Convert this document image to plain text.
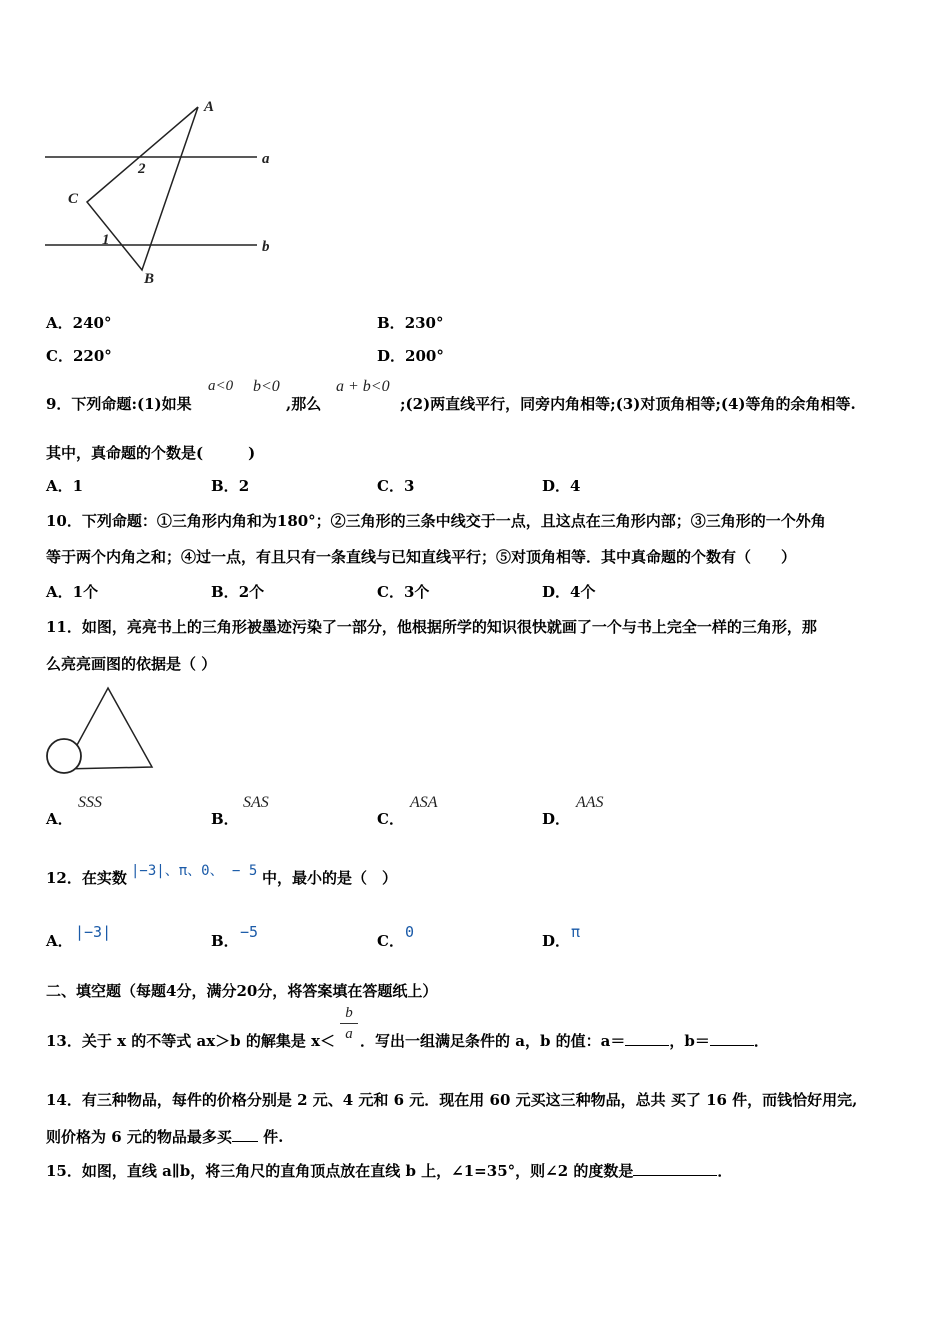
A
B
C
1
2
a
b
A．240°	B．230°
C．220°	D．200°
9．下列命题:(1)如果
a<0 b<0
,那么
a + b<0
;(2)两直线平行，同旁内角相等;(3)对顶角相等;(4)等角的余角相等.
其中，真命题的个数是(　　　)
A．1	B．2	C．3	D．4
10．下列命题：①三角形内角和为180°；②三角形的三条中线交于一点，且这点在三角形内部；③三角形的一个外角
等于两个内角之和；④过一点，有且只有一条直线与已知直线平行；⑤对顶角相等．其中真命题的个数有（　　）
A．1个	B．2个	C．3个	D．4个
11．如图，亮亮书上的三角形被墨迹污染了一部分，他根据所学的知识很快就画了一个与书上完全一样的三角形，那
么亮亮画图的依据是（ ）
A．
SSS
B．
SAS
C．
ASA
D．
AAS
12．在实数 |−3|、π、0、 − 5 中，最小的是（　）
A． |−3|	B． −5	C． 0	D． π
二、填空题（每题4分，满分20分，将答案填在答题纸上）
13．关于 x 的不等式 ax＞b 的解集是 x＜
b
a ．写出一组满足条件的 a，b 的值：a＝	，b＝	．
14．有三种物品，每件的价格分别是 2 元、4 元和 6 元．现在用 60 元买这三种物品，总共 买了 16 件，而钱恰好用完,
则价格为 6 元的物品最多买 件.
15．如图，直线 a∥b，将三角尺的直角顶点放在直线 b 上，∠1=35°，则∠2 的度数是	．
